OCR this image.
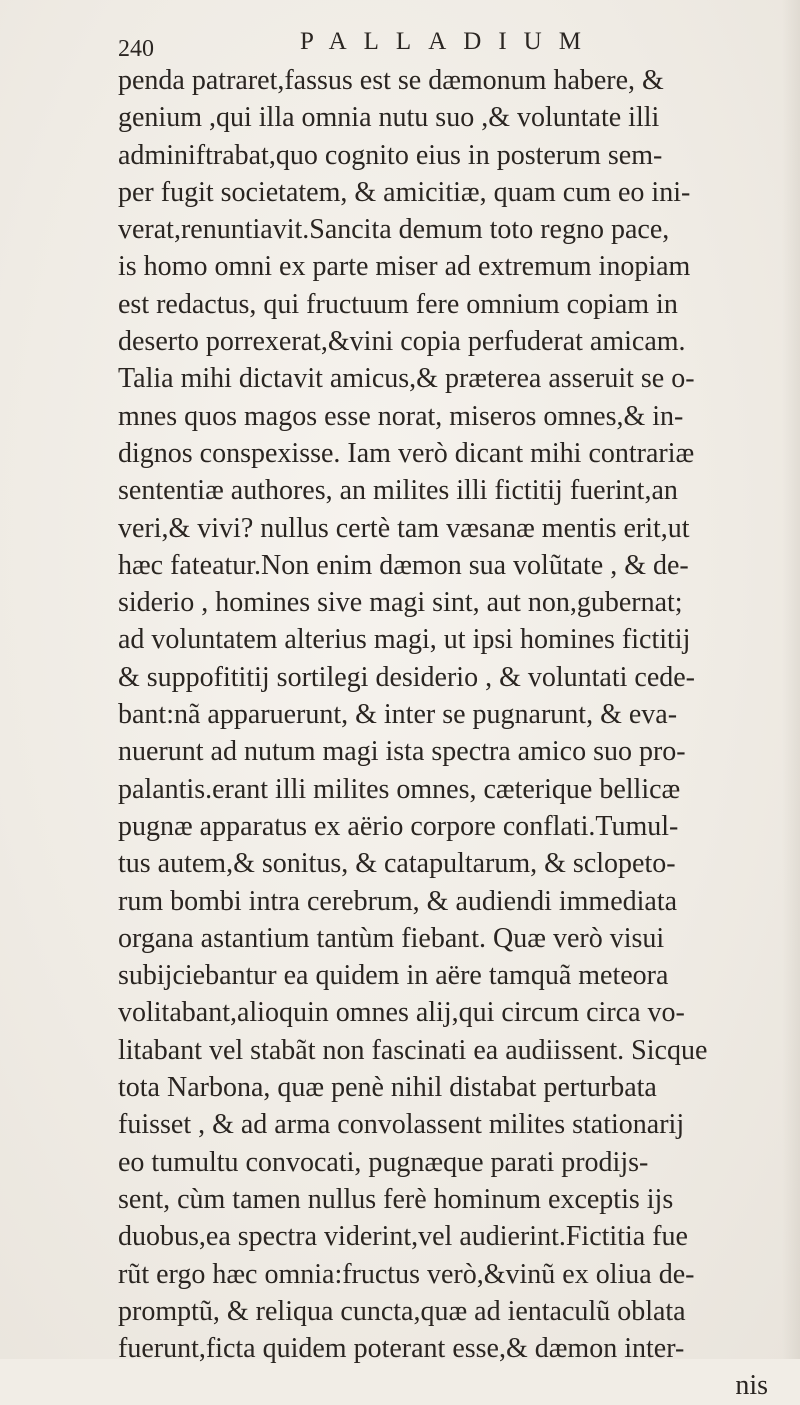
240	PALLADIUM
penda patraret,fassus est se dæmonum habere, &
genium ,qui illa omnia nutu suo ,& voluntate illi
adminiftrabat,quo cognito eius in posterum sem-
per fugit societatem, & amicitiæ, quam cum eo ini-
verat,renuntiavit.Sancita demum toto regno pace,
is homo omni ex parte miser ad extremum inopiam
est redactus, qui fructuum fere omnium copiam in
deserto porrexerat,&vini copia perfuderat amicam.
Talia mihi dictavit amicus,& præterea asseruit se o-
mnes quos magos esse norat, miseros omnes,& in-
dignos conspexisse. Iam verò dicant mihi contrariæ
sententiæ authores, an milites illi fictitij fuerint,an
veri,& vivi? nullus certè tam væsanæ mentis erit,ut
hæc fateatur.Non enim dæmon sua volũtate , & de-
siderio , homines sive magi sint, aut non,gubernat;
ad voluntatem alterius magi, ut ipsi homines fictitij
& suppofititij sortilegi desiderio , & voluntati cede-
bant:nã apparuerunt, & inter se pugnarunt, & eva-
nuerunt ad nutum magi ista spectra amico suo pro-
palantis.erant illi milites omnes, cæterique bellicæ
pugnæ apparatus ex aërio corpore conflati.Tumul-
tus autem,& sonitus, & catapultarum, & sclopeto-
rum bombi intra cerebrum, & audiendi immediata
organa astantium tantùm fiebant. Quæ verò visui
subijciebantur ea quidem in aëre tamquã meteora
volitabant,alioquin omnes alij,qui circum circa vo-
litabant vel stabãt non fascinati ea audiissent. Sicque
tota Narbona, quæ penè nihil distabat perturbata
fuisset , & ad arma convolassent milites stationarij
eo tumultu convocati, pugnæque parati prodijs-
sent, cùm tamen nullus ferè hominum exceptis ijs
duobus,ea spectra viderint,vel audierint.Fictitia fue
rũt ergo hæc omnia:fructus verò,&vinũ ex oliua de-
promptũ, & reliqua cuncta,quæ ad ientaculũ oblata
fuerunt,ficta quidem poterant esse,& dæmon inter-
nis
